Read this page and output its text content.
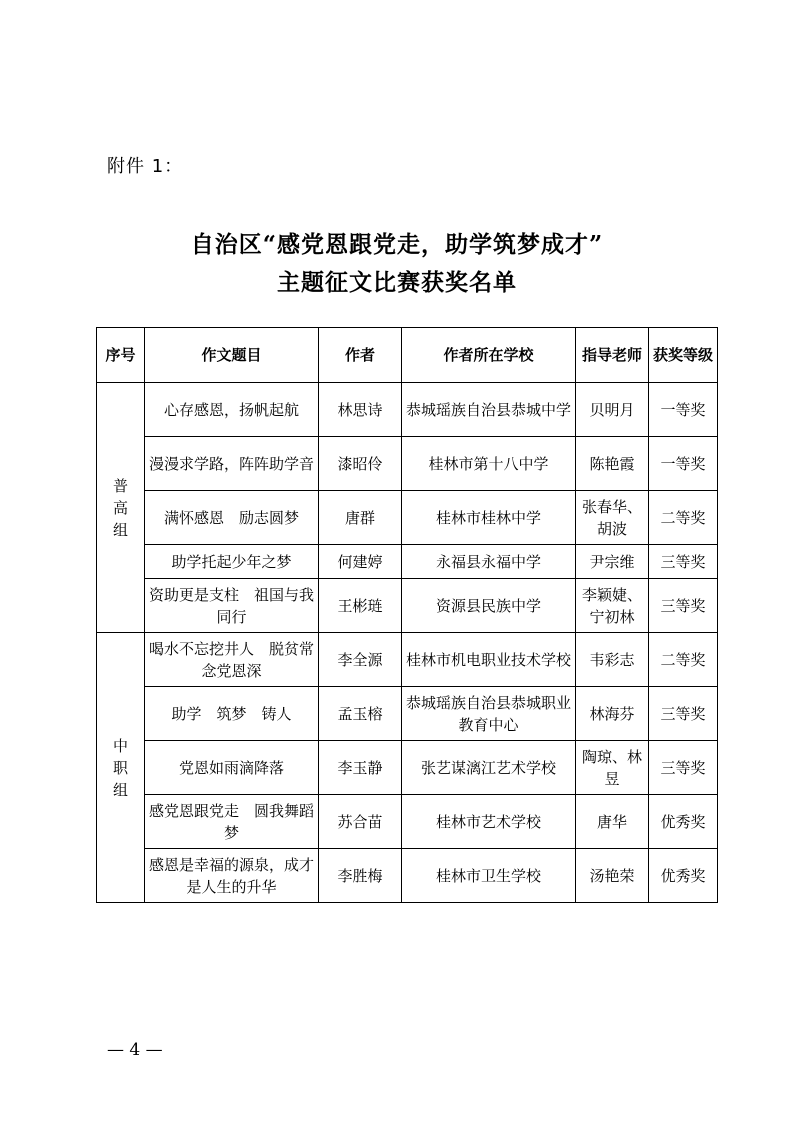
附件 1：
自治区“感党恩跟党走，助学筑梦成才”
主题征文比赛获奖名单
序号	作文题目	作者	作者所在学校	指导老师	获奖等级

普高组	心存感恩，扬帆起航	林思诗	恭城瑶族自治县恭城中学	贝明月	一等奖
	漫漫求学路，阵阵助学音	漆昭伶	桂林市第十八中学	陈艳霞	一等奖
	满怀感恩　励志圆梦	唐群	桂林市桂林中学	张春华、胡波	二等奖
	助学托起少年之梦	何建婷	永福县永福中学	尹宗维	三等奖
	资助更是支柱　祖国与我同行	王彬琏	资源县民族中学	李颖婕、宁初林	三等奖

中职组	喝水不忘挖井人　脱贫常念党恩深	李全源	桂林市机电职业技术学校	韦彩志	二等奖
	助学　筑梦　铸人	孟玉榕	恭城瑶族自治县恭城职业教育中心	林海芬	三等奖
	党恩如雨滴降落	李玉静	张艺谋漓江艺术学校	陶琼、林昱	三等奖
	感党恩跟党走　圆我舞蹈梦	苏合苗	桂林市艺术学校	唐华	优秀奖
	感恩是幸福的源泉，成才是人生的升华	李胜梅	桂林市卫生学校	汤艳荣	优秀奖
— 4 —
